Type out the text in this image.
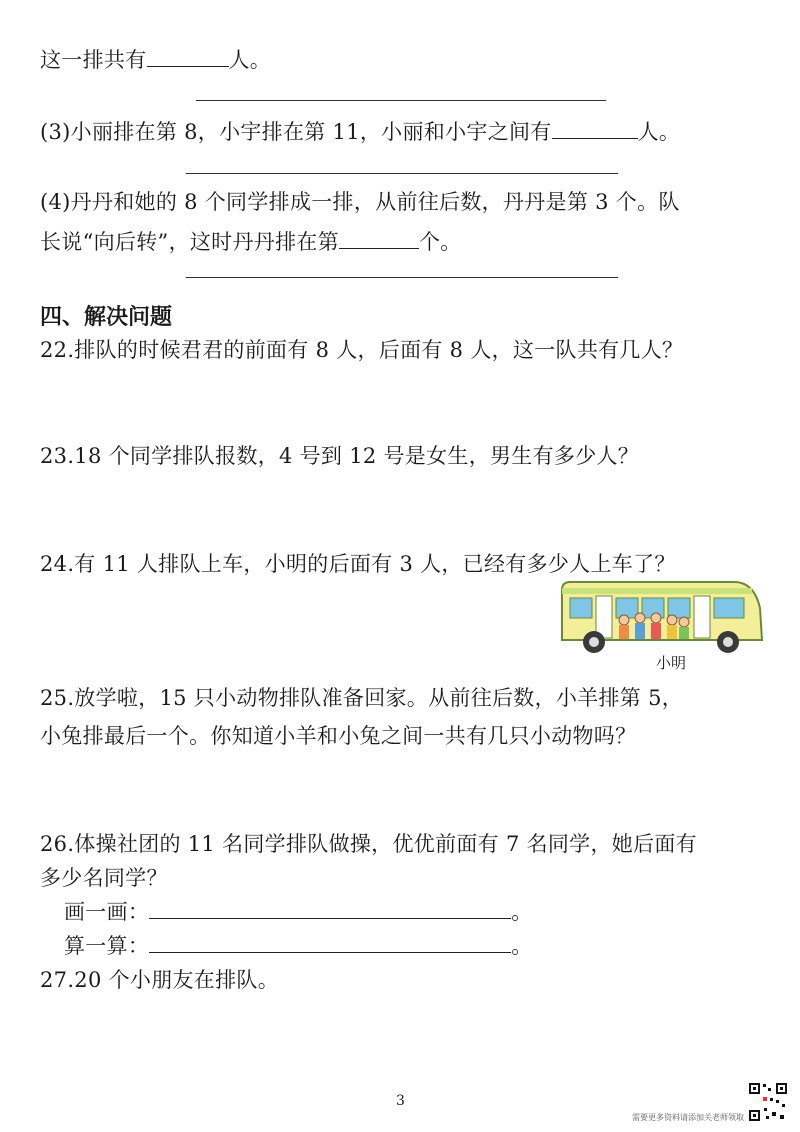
这一排共有	人。
(3)小丽排在第 8，小宇排在第 11，小丽和小宇之间有	人。
(4)丹丹和她的 8 个同学排成一排，从前往后数，丹丹是第 3 个。队
长说“向后转”，这时丹丹排在第	个。
四、解决问题
22.排队的时候君君的前面有 8 人，后面有 8 人，这一队共有几人？
23.18 个同学排队报数，4 号到 12 号是女生，男生有多少人？
24.有 11 人排队上车，小明的后面有 3 人，已经有多少人上车了？
小明
25.放学啦，15 只小动物排队准备回家。从前往后数，小羊排第 5，
小兔排最后一个。你知道小羊和小兔之间一共有几只小动物吗？
26.体操社团的 11 名同学排队做操，优优前面有 7 名同学，她后面有
多少名同学？
画一画：	。
算一算：	。
27.20 个小朋友在排队。
3
需要更多资料请添加关老师领取
